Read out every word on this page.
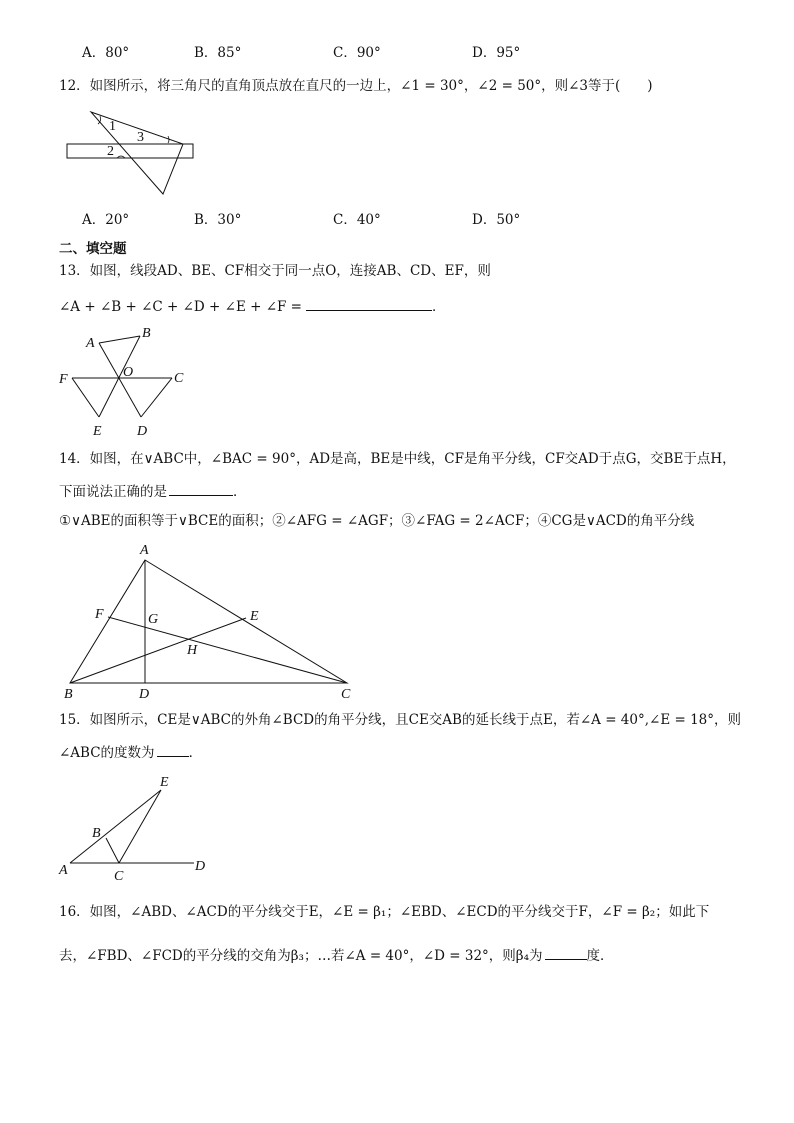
A．80°	B．85°	C．90°	D．95°
12．如图所示，将三角尺的直角顶点放在直尺的一边上，∠1 = 30°，∠2 = 50°，则∠3等于(　　)
1
3
2
A．20°	B．30°	C．40°	D．50°
二、填空题
13．如图，线段AD、BE、CF相交于同一点O，连接AB、CD、EF，则
∠A + ∠B + ∠C + ∠D + ∠E + ∠F =	．
A
B
O
F	C
E	D
14．如图，在∨ABC中，∠BAC = 90°，AD是高，BE是中线，CF是角平分线，CF交AD于点G，交BE于点H，
下面说法正确的是	．
①∨ABE的面积等于∨BCE的面积；②∠AFG = ∠AGF；③∠FAG = 2∠ACF；④CG是∨ACD的角平分线
A
F	G	E
H
B	D	C
15．如图所示，CE是∨ABC的外角∠BCD的角平分线，且CE交AB的延长线于点E，若∠A = 40°,∠E = 18°，则
∠ABC的度数为	．
E
B
A	C
D
16．如图，∠ABD、∠ACD的平分线交于E，∠E = β₁；∠EBD、∠ECD的平分线交于F，∠F = β₂；如此下
去，∠FBD、∠FCD的平分线的交角为β₃；…若∠A = 40°，∠D = 32°，则β₄为	度．
